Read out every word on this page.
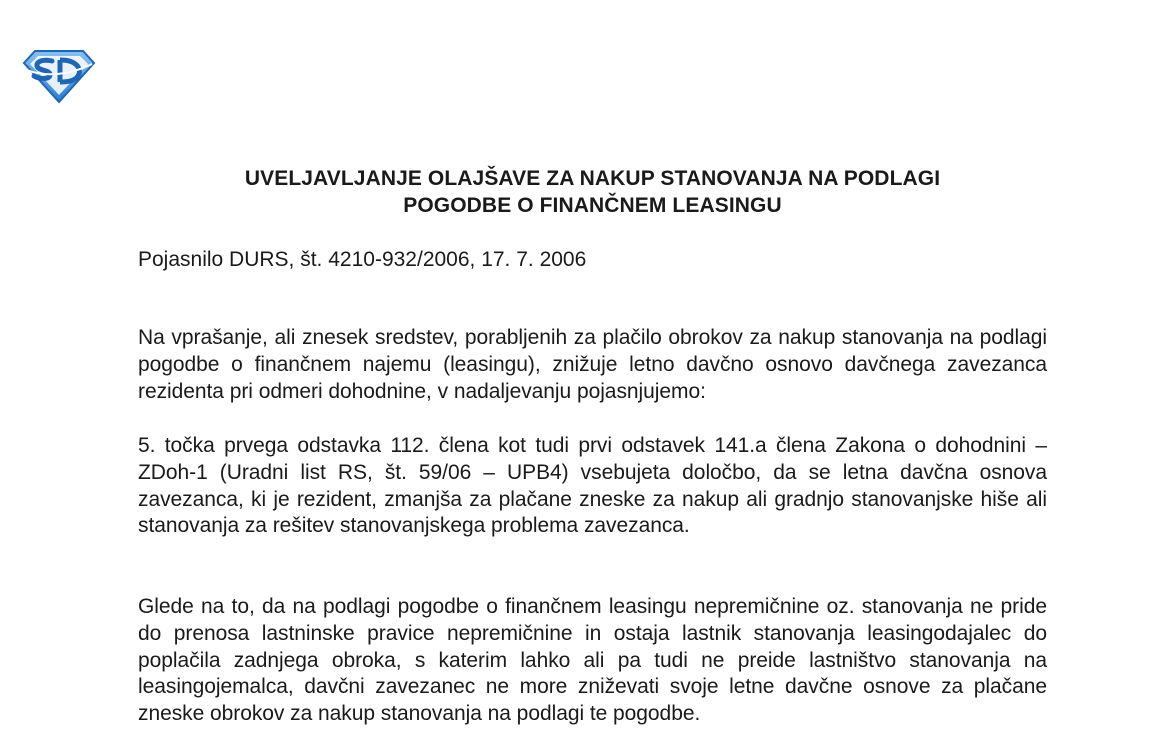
UVELJAVLJANJE OLAJŠAVE ZA NAKUP STANOVANJA NA PODLAGI
POGODBE O FINANČNEM LEASINGU

Pojasnilo DURS, št. 4210-932/2006, 17. 7. 2006

Na vprašanje, ali znesek sredstev, porabljenih za plačilo obrokov za nakup stanovanja na podlagi pogodbe o finančnem najemu (leasingu), znižuje letno davčno osnovo davčnega zavezanca rezidenta pri odmeri dohodnine, v nadaljevanju pojasnjujemo:

5. točka prvega odstavka 112. člena kot tudi prvi odstavek 141.a člena Zakona o dohodnini – ZDoh-1 (Uradni list RS, št. 59/06 – UPB4) vsebujeta določbo, da se letna davčna osnova zavezanca, ki je rezident, zmanjša za plačane zneske za nakup ali gradnjo stanovanjske hiše ali stanovanja za rešitev stanovanjskega problema zavezanca.

Glede na to, da na podlagi pogodbe o finančnem leasingu nepremičnine oz. stanovanja ne pride do prenosa lastninske pravice nepremičnine in ostaja lastnik stanovanja leasingodajalec do poplačila zadnjega obroka, s katerim lahko ali pa tudi ne preide lastništvo stanovanja na leasingojemalca, davčni zavezanec ne more zniževati svoje letne davčne osnove za plačane zneske obrokov za nakup stanovanja na podlagi te pogodbe.
